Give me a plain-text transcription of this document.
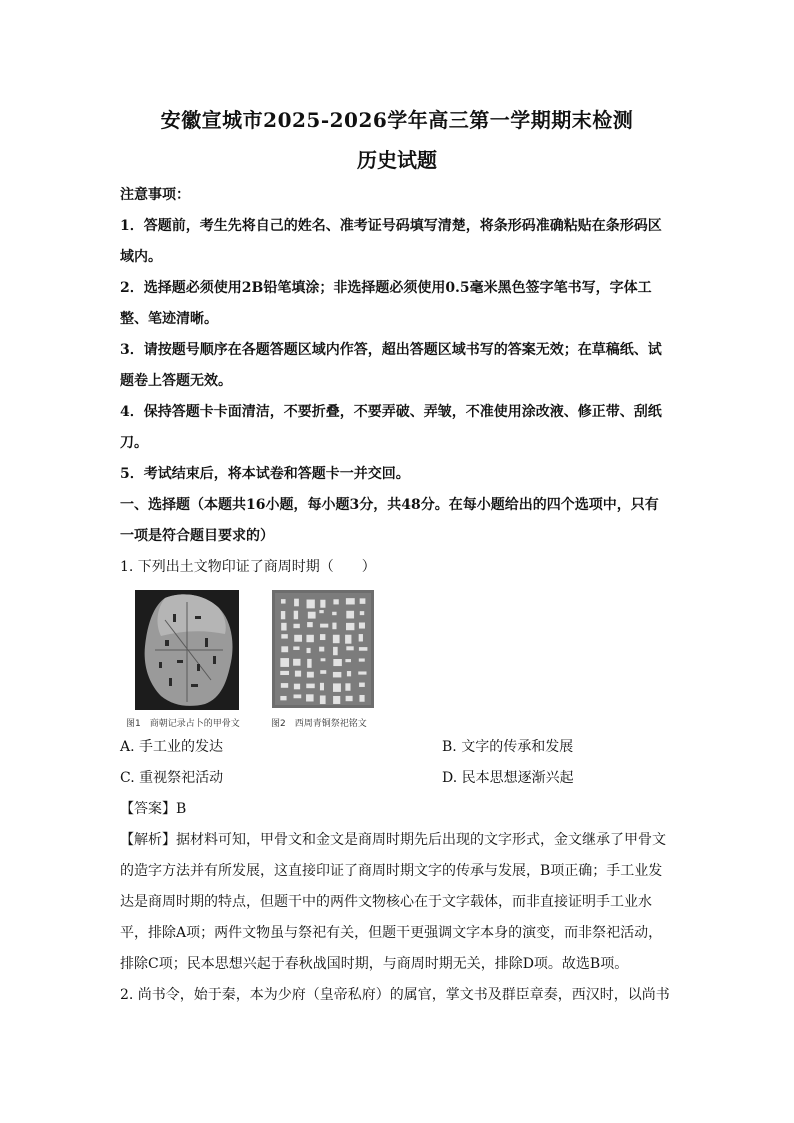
安徽宣城市2025-2026学年高三第一学期期末检测
历史试题
注意事项：
1．答题前，考生先将自己的姓名、准考证号码填写清楚，将条形码准确粘贴在条形码区
域内。
2．选择题必须使用2B铅笔填涂；非选择题必须使用0.5毫米黑色签字笔书写，字体工
整、笔迹清晰。
3．请按题号顺序在各题答题区域内作答，超出答题区域书写的答案无效；在草稿纸、试
题卷上答题无效。
4．保持答题卡卡面清洁，不要折叠，不要弄破、弄皱，不准使用涂改液、修正带、刮纸
刀。
5．考试结束后，将本试卷和答题卡一并交回。
一、选择题（本题共16小题，每小题3分，共48分。在每小题给出的四个选项中，只有
一项是符合题目要求的）
1. 下列出土文物印证了商周时期（　　）
图1　商朝记录占卜的甲骨文	图2　西周青铜祭祀铭文
A. 手工业的发达	B. 文字的传承和发展
C. 重视祭祀活动	D. 民本思想逐渐兴起
【答案】B
【解析】据材料可知，甲骨文和金文是商周时期先后出现的文字形式，金文继承了甲骨文
的造字方法并有所发展，这直接印证了商周时期文字的传承与发展，B项正确；手工业发
达是商周时期的特点，但题干中的两件文物核心在于文字载体，而非直接证明手工业水
平，排除A项；两件文物虽与祭祀有关，但题干更强调文字本身的演变，而非祭祀活动，
排除C项；民本思想兴起于春秋战国时期，与商周时期无关，排除D项。故选B项。
2. 尚书令，始于秦，本为少府（皇帝私府）的属官，掌文书及群臣章奏，西汉时，以尚书
